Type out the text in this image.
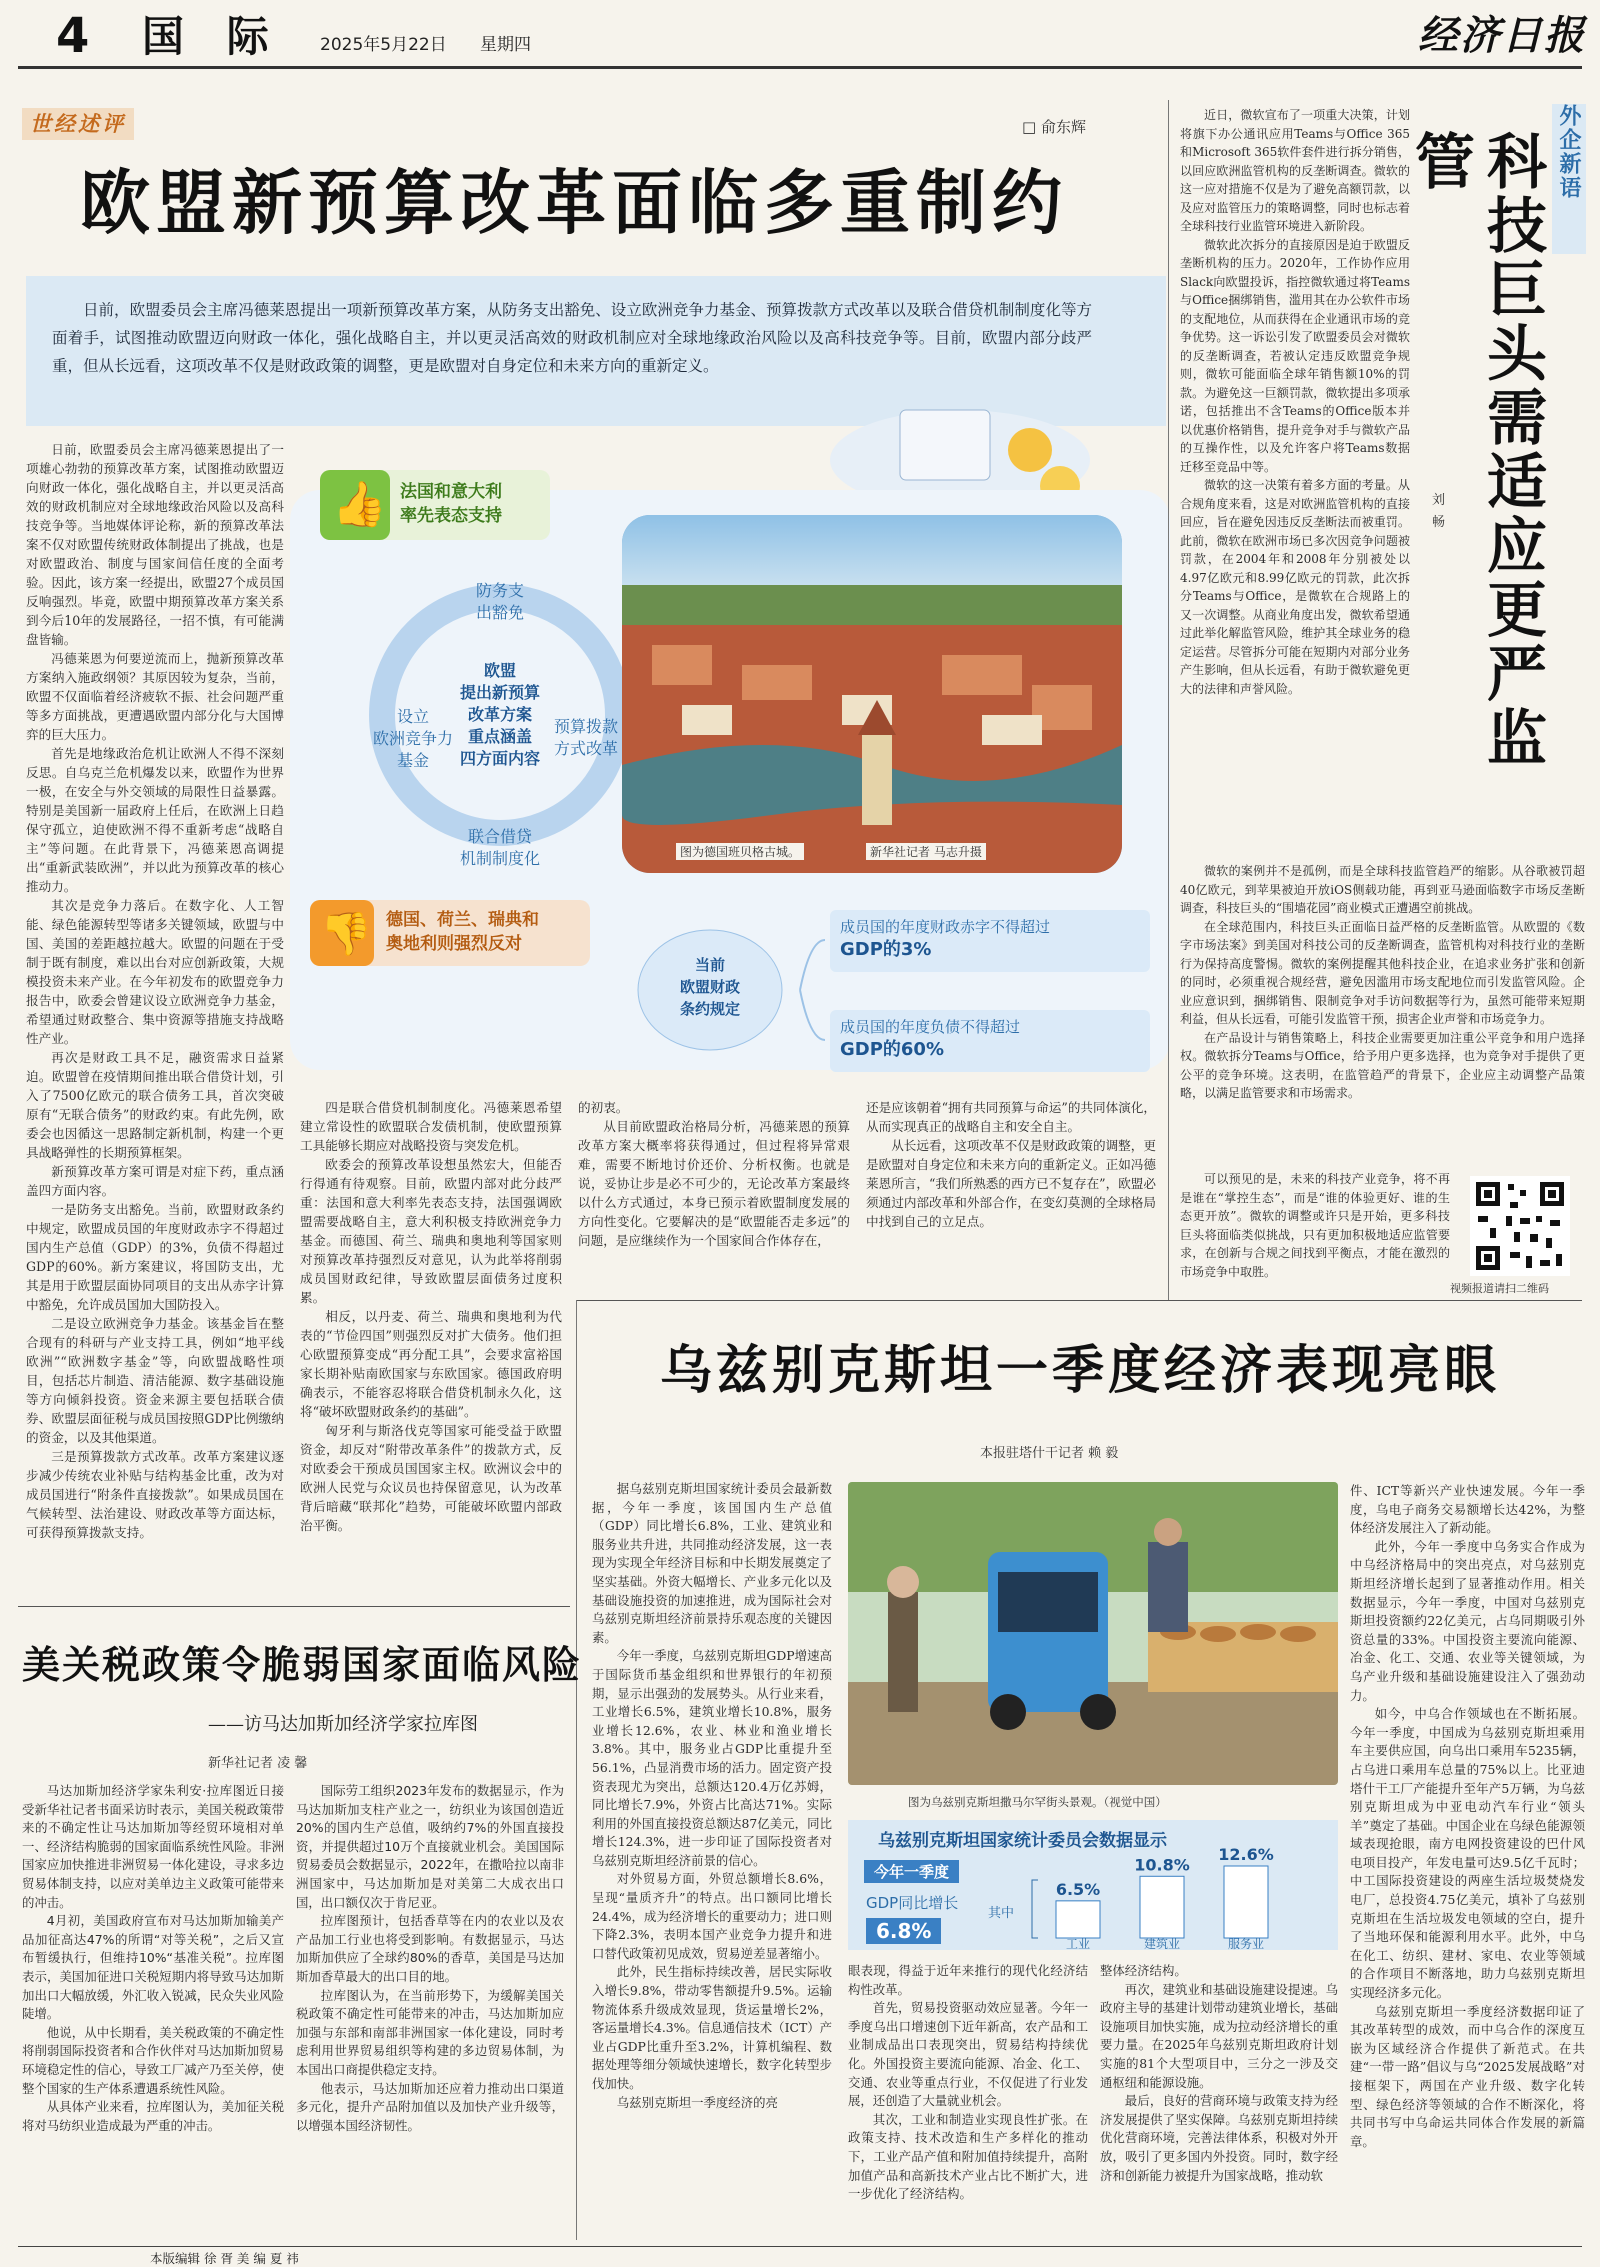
4 国 际 2025年5月22日 星期四	经济日报
世经述评	□ 俞东辉
欧盟新预算改革面临多重制约
日前，欧盟委员会主席冯德莱恩提出一项新预算改革方案，从防务支出豁免、设立欧洲竞争力基金、预算拨款方式改革以及联合借贷机制制度化等方面着手，试图推动欧盟迈向财政一体化，强化战略自主，并以更灵活高效的财政机制应对全球地缘政治风险以及高科技竞争等。目前，欧盟内部分歧严重，但从长远看，这项改革不仅是财政政策的调整，更是欧盟对自身定位和未来方向的重新定义。
👍 法国和意大利
率先表态支持
👎 德国、荷兰、瑞典和
奥地利则强烈反对
防务支
出豁免
设立
欧洲竞争力
基金
预算拨款
方式改革
联合借贷
机制制度化
欧盟
提出新预算
改革方案
重点涵盖
四方面内容
当前
欧盟财政
条约规定
成员国的年度财政赤字不得超过
GDP的3%
成员国的年度负债不得超过
GDP的60%
图为德国班贝格古城。	新华社记者 马志升摄

日前，欧盟委员会主席冯德莱恩提出了一项雄心勃勃的预算改革方案，试图推动欧盟迈向财政一体化，强化战略自主，并以更灵活高效的财政机制应对全球地缘政治风险以及高科技竞争等。当地媒体评论称，新的预算改革法案不仅对欧盟传统财政体制提出了挑战，也是对欧盟政治、制度与国家间信任度的全面考验。因此，该方案一经提出，欧盟27个成员国反响强烈。毕竟，欧盟中期预算改革方案关系到今后10年的发展路径，一招不慎，有可能满盘皆输。

冯德莱恩为何要逆流而上，抛新预算改革方案纳入施政纲领？其原因较为复杂，当前，欧盟不仅面临着经济疲软不振、社会问题严重等多方面挑战，更遭遇欧盟内部分化与大国博弈的巨大压力。

首先是地缘政治危机让欧洲人不得不深刻反思。自乌克兰危机爆发以来，欧盟作为世界一极，在安全与外交领域的局限性日益暴露。特别是美国新一届政府上任后，在欧洲上日趋保守孤立，迫使欧洲不得不重新考虑“战略自主”等问题。在此背景下，冯德莱恩高调提出“重新武装欧洲”，并以此为预算改革的核心推动力。

其次是竞争力落后。在数字化、人工智能、绿色能源转型等诸多关键领域，欧盟与中国、美国的差距越拉越大。欧盟的问题在于受制于既有制度，难以出台对应创新政策，大规模投资未来产业。在今年初发布的欧盟竞争力报告中，欧委会曾建议设立欧洲竞争力基金，希望通过财政整合、集中资源等措施支持战略性产业。

再次是财政工具不足，融资需求日益紧迫。欧盟曾在疫情期间推出联合借贷计划，引入了7500亿欧元的联合债务工具，首次突破原有“无联合债务”的财政约束。有此先例，欧委会也因循这一思路制定新机制，构建一个更具战略弹性的长期预算框架。

新预算改革方案可谓是对症下药，重点涵盖四方面内容。

一是防务支出豁免。当前，欧盟财政条约中规定，欧盟成员国的年度财政赤字不得超过国内生产总值（GDP）的3%，负债不得超过GDP的60%。新方案建议，将国防支出，尤其是用于欧盟层面协同项目的支出从赤字计算中豁免，允许成员国加大国防投入。

二是设立欧洲竞争力基金。该基金旨在整合现有的科研与产业支持工具，例如“地平线欧洲”“欧洲数字基金”等，向欧盟战略性项目，包括芯片制造、清洁能源、数字基础设施等方向倾斜投资。资金来源主要包括联合债券、欧盟层面征税与成员国按照GDP比例缴纳的资金，以及其他渠道。

三是预算拨款方式改革。改革方案建议逐步减少传统农业补贴与结构基金比重，改为对成员国进行“附条件直接拨款”。如果成员国在气候转型、法治建设、财政改革等方面达标，可获得预算拨款支持。

四是联合借贷机制制度化。冯德莱恩希望建立常设性的欧盟联合发债机制，使欧盟预算工具能够长期应对战略投资与突发危机。

欧委会的预算改革设想虽然宏大，但能否行得通有待观察。目前，欧盟内部对此分歧严重：法国和意大利率先表态支持，法国强调欧盟需要战略自主，意大利积极支持欧洲竞争力基金。而德国、荷兰、瑞典和奥地利等国家则对预算改革持强烈反对意见，认为此举将削弱成员国财政纪律，导致欧盟层面债务过度积累。

相反，以丹麦、荷兰、瑞典和奥地利为代表的“节俭四国”则强烈反对扩大债务。他们担心欧盟预算变成“再分配工具”，会要求富裕国家长期补贴南欧国家与东欧国家。德国政府明确表示，不能容忍将联合借贷机制永久化，这将“破坏欧盟财政条约的基础”。

匈牙利与斯洛伐克等国家可能受益于欧盟资金，却反对“附带改革条件”的拨款方式，反对欧委会干预成员国国家主权。欧洲议会中的欧洲人民党与众议员也持保留意见，认为改革背后暗藏“联邦化”趋势，可能破坏欧盟内部政治平衡。

的初衷。

从目前欧盟政治格局分析，冯德莱恩的预算改革方案大概率将获得通过，但过程将异常艰难，需要不断地讨价还价、分析权衡。也就是说，妥协让步是必不可少的，无论改革方案最终以什么方式通过，本身已预示着欧盟制度发展的方向性变化。它要解决的是“欧盟能否走多远”的问题，是应继续作为一个国家间合作体存在，

还是应该朝着“拥有共同预算与命运”的共同体演化，从而实现真正的战略自主和安全自主。

从长远看，这项改革不仅是财政政策的调整，更是欧盟对自身定位和未来方向的重新定义。正如冯德莱恩所言，“我们所熟悉的西方已不复存在”，欧盟必须通过内部改革和外部合作，在变幻莫测的全球格局中找到自己的立足点。

外企新语
科技巨头需适应更严监管
刘
畅

近日，微软宣布了一项重大决策，计划将旗下办公通讯应用Teams与Office 365和Microsoft 365软件套件进行拆分销售，以回应欧洲监管机构的反垄断调查。微软的这一应对措施不仅是为了避免高额罚款，以及应对监管压力的策略调整，同时也标志着全球科技行业监管环境进入新阶段。

微软此次拆分的直接原因是迫于欧盟反垄断机构的压力。2020年，工作协作应用Slack向欧盟投诉，指控微软通过将Teams与Office捆绑销售，滥用其在办公软件市场的支配地位，从而获得在企业通讯市场的竞争优势。这一诉讼引发了欧盟委员会对微软的反垄断调查，若被认定违反欧盟竞争规则，微软可能面临全球年销售额10%的罚款。为避免这一巨额罚款，微软提出多项承诺，包括推出不含Teams的Office版本并以优惠价格销售，提升竞争对手与微软产品的互操作性，以及允许客户将Teams数据迁移至竞品中等。

微软的这一决策有着多方面的考量。从合规角度来看，这是对欧洲监管机构的直接回应，旨在避免因违反反垄断法而被重罚。此前，微软在欧洲市场已多次因竞争问题被罚款，在2004年和2008年分别被处以4.97亿欧元和8.99亿欧元的罚款，此次拆分Teams与Office，是微软在合规路上的又一次调整。从商业角度出发，微软希望通过此举化解监管风险，维护其全球业务的稳定运营。尽管拆分可能在短期内对部分业务产生影响，但从长远看，有助于微软避免更大的法律和声誉风险。

微软的案例并不是孤例，而是全球科技监管趋严的缩影。从谷歌被罚超40亿欧元，到苹果被迫开放iOS侧载功能，再到亚马逊面临数字市场反垄断调查，科技巨头的“围墙花园”商业模式正遭遇空前挑战。

在全球范围内，科技巨头正面临日益严格的反垄断监管。从欧盟的《数字市场法案》到美国对科技公司的反垄断调查，监管机构对科技行业的垄断行为保持高度警惕。微软的案例提醒其他科技企业，在追求业务扩张和创新的同时，必须重视合规经营，避免因滥用市场支配地位而引发监管风险。企业应意识到，捆绑销售、限制竞争对手访问数据等行为，虽然可能带来短期利益，但从长远看，可能引发监管干预，损害企业声誉和市场竞争力。

在产品设计与销售策略上，科技企业需要更加注重公平竞争和用户选择权。微软拆分Teams与Office，给予用户更多选择，也为竞争对手提供了更公平的竞争环境。这表明，在监管趋严的背景下，企业应主动调整产品策略，以满足监管要求和市场需求。

可以预见的是，未来的科技产业竞争，将不再是谁在“掌控生态”，而是“谁的体验更好、谁的生态更开放”。微软的调整或许只是开始，更多科技巨头将面临类似挑战，只有更加积极地适应监管要求，在创新与合规之间找到平衡点，才能在激烈的市场竞争中取胜。

视频报道请扫二维码
乌兹别克斯坦一季度经济表现亮眼
本报驻塔什干记者 赖 毅

据乌兹别克斯坦国家统计委员会最新数据，今年一季度，该国国内生产总值（GDP）同比增长6.8%，工业、建筑业和服务业共升进，共同推动经济发展，这一表现为实现全年经济目标和中长期发展奠定了坚实基础。外资大幅增长、产业多元化以及基础设施投资的加速推进，成为国际社会对乌兹别克斯坦经济前景持乐观态度的关键因素。

今年一季度，乌兹别克斯坦GDP增速高于国际货币基金组织和世界银行的年初预期，显示出强劲的发展势头。从行业来看，工业增长6.5%，建筑业增长10.8%，服务业增长12.6%，农业、林业和渔业增长3.8%。其中，服务业占GDP比重提升至56.1%，凸显消费市场的活力。固定资产投资表现尤为突出，总额达120.4万亿苏姆，同比增长7.9%，外资占比高达71%。实际利用的外国直接投资总额达87亿美元，同比增长124.3%，进一步印证了国际投资者对乌兹别克斯坦经济前景的信心。

对外贸易方面，外贸总额增长8.6%，呈现“量质齐升”的特点。出口额同比增长24.4%，成为经济增长的重要动力；进口则下降2.3%，表明本国产业竞争力提升和进口替代政策初见成效，贸易逆差显著缩小。

此外，民生指标持续改善，居民实际收入增长9.8%，带动零售额提升9.5%。运输物流体系升级成效显现，货运量增长2%，客运量增长4.3%。信息通信技术（ICT）产业占GDP比重升至3.2%，计算机编程、数据处理等细分领域快速增长，数字化转型步伐加快。

乌兹别克斯坦一季度经济的亮

图为乌兹别克斯坦撒马尔罕街头景观。（视觉中国）
乌兹别克斯坦国家统计委员会数据显示
今年一季度
GDP同比增长
6.8%
其中
6.5%
工业
10.8%
建筑业
12.6%
服务业

眼表现，得益于近年来推行的现代化经济结构性改革。

首先，贸易投资驱动效应显著。今年一季度乌出口增速创下近年新高，农产品和工业制成品出口表现突出，贸易结构持续优化。外国投资主要流向能源、冶金、化工、交通、农业等重点行业，不仅促进了行业发展，还创造了大量就业机会。

其次，工业和制造业实现良性扩张。在政策支持、技术改造和生产多样化的推动下，工业产品产值和附加值持续提升，高附加值产品和高新技术产业占比不断扩大，进一步优化了经济结构。

整体经济结构。

再次，建筑业和基础设施建设提速。乌政府主导的基建计划带动建筑业增长，基础设施项目加快实施，成为拉动经济增长的重要力量。在2025年乌兹别克斯坦政府计划实施的81个大型项目中，三分之一涉及交通枢纽和能源设施。

最后，良好的营商环境与政策支持为经济发展提供了坚实保障。乌兹别克斯坦持续优化营商环境，完善法律体系，积极对外开放，吸引了更多国内外投资。同时，数字经济和创新能力被提升为国家战略，推动软

件、ICT等新兴产业快速发展。今年一季度，乌电子商务交易额增长达42%，为整体经济发展注入了新动能。

此外，今年一季度中乌务实合作成为中乌经济格局中的突出亮点，对乌兹别克斯坦经济增长起到了显著推动作用。相关数据显示，今年一季度，中国对乌兹别克斯坦投资额约22亿美元，占乌同期吸引外资总量的33%。中国投资主要流向能源、冶金、化工、交通、农业等关键领域，为乌产业升级和基础设施建设注入了强劲动力。

如今，中乌合作领域也在不断拓展。今年一季度，中国成为乌兹别克斯坦乘用车主要供应国，向乌出口乘用车5235辆，占乌进口乘用车总量的75%以上。比亚迪塔什干工厂产能提升至年产5万辆，为乌兹别克斯坦成为中亚电动汽车行业“领头羊”奠定了基础。中国企业在乌绿色能源领域表现抢眼，南方电网投资建设的巴什风电项目投产，年发电量可达9.5亿千瓦时；中工国际投资建设的两座生活垃圾焚烧发电厂，总投资4.75亿美元，填补了乌兹别克斯坦在生活垃圾发电领域的空白，提升了当地环保和能源利用水平。此外，中乌在化工、纺织、建材、家电、农业等领域的合作项目不断落地，助力乌兹别克斯坦实现经济多元化。

乌兹别克斯坦一季度经济数据印证了其改革转型的成效，而中乌合作的深度互嵌为区域经济合作提供了新范式。在共建“一带一路”倡议与乌“2025发展战略”对接框架下，两国在产业升级、数字化转型、绿色经济等领域的合作不断深化，将共同书写中乌命运共同体合作发展的新篇章。

美关税政策令脆弱国家面临风险
——访马达加斯加经济学家拉库图
新华社记者 凌 馨

马达加斯加经济学家朱利安·拉库图近日接受新华社记者书面采访时表示，美国关税政策带来的不确定性让马达加斯加等经贸环境相对单一、经济结构脆弱的国家面临系统性风险。非洲国家应加快推进非洲贸易一体化建设，寻求多边贸易体制支持，以应对美单边主义政策可能带来的冲击。

4月初，美国政府宣布对马达加斯加输美产品加征高达47%的所谓“对等关税”，之后又宣布暂缓执行，但维持10%“基准关税”。拉库图表示，美国加征进口关税短期内将导致马达加斯加出口大幅放缓，外汇收入锐减，民众失业风险陡增。

他说，从中长期看，美关税政策的不确定性将削弱国际投资者和合作伙伴对马达加斯加贸易环境稳定性的信心，导致工厂减产乃至关停，使整个国家的生产体系遭遇系统性风险。

从具体产业来看，拉库图认为，美加征关税将对马纺织业造成最为严重的冲击。

国际劳工组织2023年发布的数据显示，作为马达加斯加支柱产业之一，纺织业为该国创造近20%的国内生产总值，吸纳约7%的外国直接投资，并提供超过10万个直接就业机会。美国国际贸易委员会数据显示，2022年，在撒哈拉以南非洲国家中，马达加斯加是对美第二大成衣出口国，出口额仅次于肯尼亚。

拉库图预计，包括香草等在内的农业以及农产品加工行业也将受到影响。有数据显示，马达加斯加供应了全球约80%的香草，美国是马达加斯加香草最大的出口目的地。

拉库图认为，在当前形势下，为缓解美国关税政策不确定性可能带来的冲击，马达加斯加应加强与东部和南部非洲国家一体化建设，同时考虑利用世界贸易组织等构建的多边贸易体制，为本国出口商提供稳定支持。

他表示，马达加斯加还应着力推动出口渠道多元化，提升产品附加值以及加快产业升级等，以增强本国经济韧性。

本版编辑 徐 胥 美 编 夏 祎
